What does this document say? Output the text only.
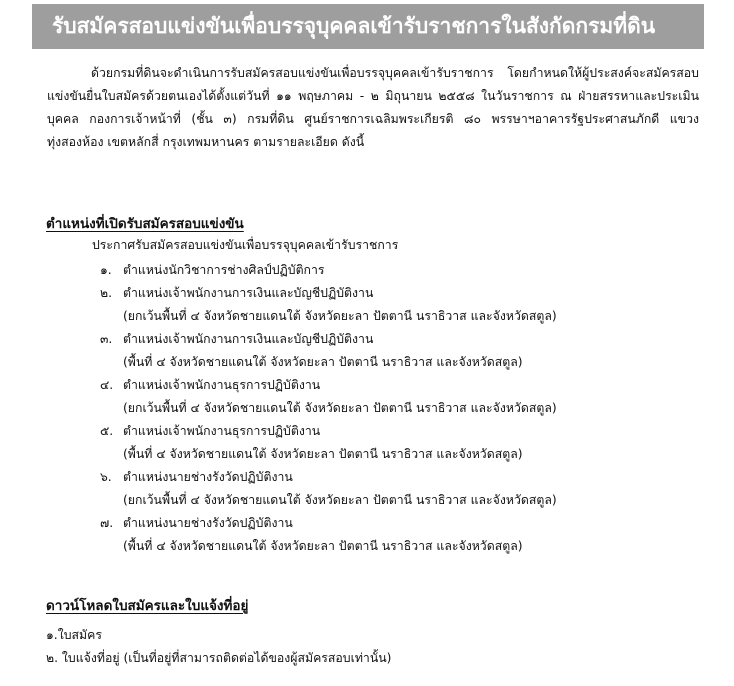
รับสมัครสอบแข่งขันเพื่อบรรจุบุคคลเข้ารับราชการในสังกัดกรมที่ดิน

ด้วยกรมที่ดินจะดำเนินการรับสมัครสอบแข่งขันเพื่อบรรจุบุคคลเข้ารับราชการ โดยกำหนดให้ผู้ประสงค์จะสมัครสอบแข่งขันยื่นใบสมัครด้วยตนเองได้ตั้งแต่วันที่ ๑๑ พฤษภาคม - ๒ มิถุนายน ๒๕๕๘ ในวันราชการ ณ ฝ่ายสรรหาและประเมินบุคคล กองการเจ้าหน้าที่ (ชั้น ๓) กรมที่ดิน ศูนย์ราชการเฉลิมพระเกียรติ ๘๐ พรรษาฯอาคารรัฐประศาสนภักดี แขวงทุ่งสองห้อง เขตหลักสี่ กรุงเทพมหานคร ตามรายละเอียด ดังนี้

ตำแหน่งที่เปิดรับสมัครสอบแข่งขัน

ประกาศรับสมัครสอบแข่งขันเพื่อบรรจุบุคคลเข้ารับราชการ

๑. ตำแหน่งนักวิชาการช่างศิลป์ปฏิบัติการ
๒. ตำแหน่งเจ้าพนักงานการเงินและบัญชีปฏิบัติงาน
(ยกเว้นพื้นที่ ๔ จังหวัดชายแดนใต้ จังหวัดยะลา ปัตตานี นราธิวาส และจังหวัดสตูล)
๓. ตำแหน่งเจ้าพนักงานการเงินและบัญชีปฏิบัติงาน
(พื้นที่ ๔ จังหวัดชายแดนใต้ จังหวัดยะลา ปัตตานี นราธิวาส และจังหวัดสตูล)
๔. ตำแหน่งเจ้าพนักงานธุรการปฏิบัติงาน
(ยกเว้นพื้นที่ ๔ จังหวัดชายแดนใต้ จังหวัดยะลา ปัตตานี นราธิวาส และจังหวัดสตูล)
๕. ตำแหน่งเจ้าพนักงานธุรการปฏิบัติงาน
(พื้นที่ ๔ จังหวัดชายแดนใต้ จังหวัดยะลา ปัตตานี นราธิวาส และจังหวัดสตูล)
๖. ตำแหน่งนายช่างรังวัดปฏิบัติงาน
(ยกเว้นพื้นที่ ๔ จังหวัดชายแดนใต้ จังหวัดยะลา ปัตตานี นราธิวาส และจังหวัดสตูล)
๗. ตำแหน่งนายช่างรังวัดปฏิบัติงาน
(พื้นที่ ๔ จังหวัดชายแดนใต้ จังหวัดยะลา ปัตตานี นราธิวาส และจังหวัดสตูล)
ดาวน์โหลดใบสมัครและใบแจ้งที่อยู่
๑.ใบสมัคร
๒. ใบแจ้งที่อยู่ (เป็นที่อยู่ที่สามารถติดต่อได้ของผู้สมัครสอบเท่านั้น)
